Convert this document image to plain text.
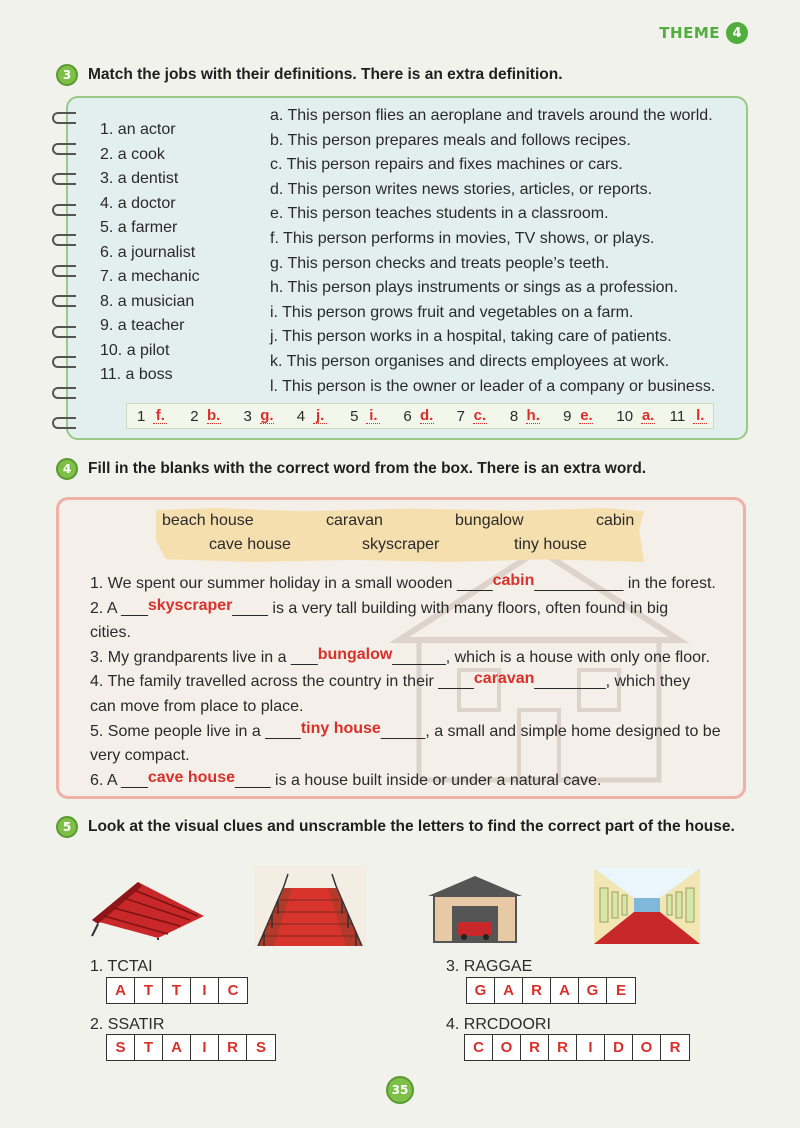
THEME 4
3	Match the jobs with their definitions. There is an extra definition.
1. an actor
2. a cook
3. a dentist
4. a doctor
5. a farmer
6. a journalist
7. a mechanic
8. a musician
9. a teacher
10. a pilot
11. a boss
a. This person flies an aeroplane and travels around the world.
b. This person prepares meals and follows recipes.
c. This person repairs and fixes machines or cars.
d. This person writes news stories, articles, or reports.
e. This person teaches students in a classroom.
f. This person performs in movies, TV shows, or plays.
g. This person checks and treats people’s teeth.
h. This person plays instruments or sings as a profession.
i. This person grows fruit and vegetables on a farm.
j. This person works in a hospital, taking care of patients.
k. This person organises and directs employees at work.
l. This person is the owner or leader of a company or business.
1 f. 2 b. 3 g. 4 j. 5 i. 6 d. 7 c. 8 h. 9 e. 10 a. 11 l.
4	Fill in the blanks with the correct word from the box. There is an extra word.
beach house	caravan	bungalow	cabin
cave house	skyscraper	tiny house
1. We spent our summer holiday in a small wooden ____cabin__________ in the forest.
2. A ___skyscraper____ is a very tall building with many floors, often found in big
cities.
3. My grandparents live in a ___bungalow______, which is a house with only one floor.
4. The family travelled across the country in their ____caravan________, which they
can move from place to place.
5. Some people live in a ____tiny house_____, a small and simple home designed to be
very compact.
6. A ___cave house____ is a house built inside or under a natural cave.
5	Look at the visual clues and unscramble the letters to find the correct part of the house.
1. TCTAI
A	T	T	I	C
2. SSATIR
S	T	A	I	R	S
3. RAGGAE
G	A	R	A	G	E
4. RRCDOORI
C	O	R	R	I	D	O	R
35
